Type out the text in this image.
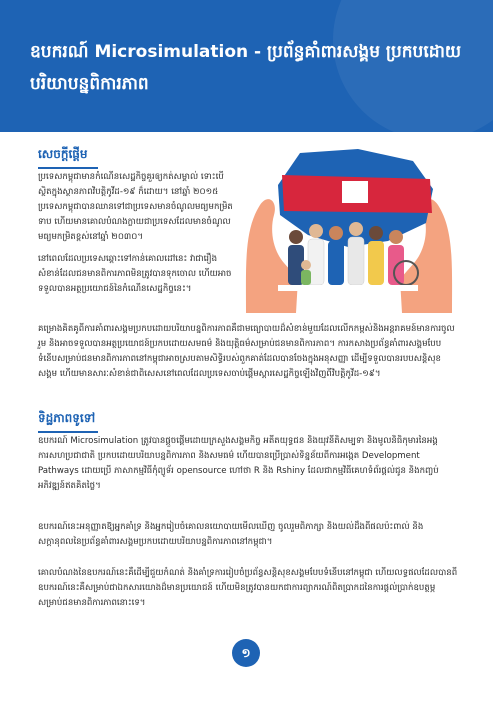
ឧបករណ៍ Microsimulation - ប្រព័ន្ធគាំពារសង្គម ប្រកបដោយបរិយាបន្នពិការភាព
សេចក្ដីផ្ដើម
ប្រទេសកម្ពុជាមានកំណើនសេដ្ឋកិច្ចគួរឲ្យកត់សម្គាល់ ទោះបើស្ថិតក្នុងស្ថានភាពវិបត្តិកូវីដ-១៩ ក៏ដោយ។ នៅឆ្នាំ ២០១៥ ប្រទេសកម្ពុជាបានឈានទៅជាប្រទេសមានចំណូលមធ្យមកម្រិតទាប ហើយមានគោលបំណងក្លាយជាប្រទេសដែលមានចំណូលមធ្យមកម្រិតខ្ពស់នៅឆ្នាំ ២០៣០។
នៅពេលដែលប្រទេសឆ្ពោះទៅកាន់គោលដៅនេះ វាជារឿងសំខាន់ដែលជនមានពិការភាពមិនត្រូវបានទុកចោល ហើយអាចទទួលបានអត្ថប្រយោជន៍នៃកំណើនសេដ្ឋកិច្ចនេះ។
គម្រោងគិតគូពីការគាំពារសង្គមប្រកបដោយបរិយាបន្នពិការភាពគឺជាមធ្យោបាយដ៏សំខាន់មួយដែលលើកកម្ពស់និងអន្តរាគមន៍មានការចូលរួម និងអាចទទួលបានអត្ថប្រយោជន៍ប្រកបដោយសមធម៌ និងយុត្តិធម៌សម្រាប់ជនមានពិការភាព។ ការកសាងប្រព័ន្ធគាំពារសង្គមបែបទំនើបសម្រាប់ជនមានពិការភាពនៅកម្ពុជាអាចស្របតាមសិទ្ធិរបស់ពួកគាត់ដែលបានចែងក្នុងអនុសញ្ញា ដើម្បីទទួលបានរបបសន្តិសុខសង្គម ហើយមានសារៈសំខាន់ជាពិសេសនៅពេលដែលប្រទេសចាប់ផ្ដើមស្ដារសេដ្ឋកិច្ចឡើងវិញពីវិបត្តិកូវីដ-១៩។
ទិដ្ឋភាពទូទៅ
ឧបករណ៍ Microsimulation ត្រូវបានផ្តួចផ្ដើមដោយក្រសួងសង្គមកិច្ច អតីតយុទ្ធជន និងយុវនីតិសម្បទា និងមូលនិធិកុមារនៃអង្គការសហប្រជាជាតិ ប្រកបដោយបរិយាបន្នពិការភាព និងសមធម៌ ហើយបានប្រើប្រាស់ទិន្នន័យពីការអង្កេត Development Pathways ដោយប្រើ ភាសាកម្មវិធីកុំព្យូទ័រ opensource ហៅថា R និង Rshiny ដែលជាកម្មវិធីគេហទំព័រផ្ដល់ជូន និងកញ្ចប់អភិវឌ្ឍន៍ឥតគិតថ្លៃ។
ឧបករណ៍នេះអនុញ្ញាតឱ្យអ្នកគាំទ្រ និងអ្នករៀបចំគោលនយោបាយមើលឃើញ ចូលរួមពិភាក្សា និងយល់ដឹងពីផលប៉ះពាល់ និងសក្តានុពលនៃប្រព័ន្ធគាំពារសង្គមប្រកបដោយបរិយាបន្នពិការភាពនៅកម្ពុជា។
គោលបំណងនៃឧបករណ៍នេះគឺដើម្បីជួយកំណត់ និងគាំទ្រការរៀបចំប្រព័ន្ធសន្តិសុខសង្គមបែបទំនើបនៅកម្ពុជា ហើយលទ្ធផលដែលបានពីឧបករណ៍នេះគឺសម្រាប់ជាឯកសារយោងដ៏មានប្រយោជន៍ ហើយមិនត្រូវបានយកជាការព្យាករណ៍ពិតប្រាកដនៃការផ្ដល់ប្រាក់ឧបត្ថម្ភ សម្រាប់ជនមានពិការភាពនោះទេ។
១
